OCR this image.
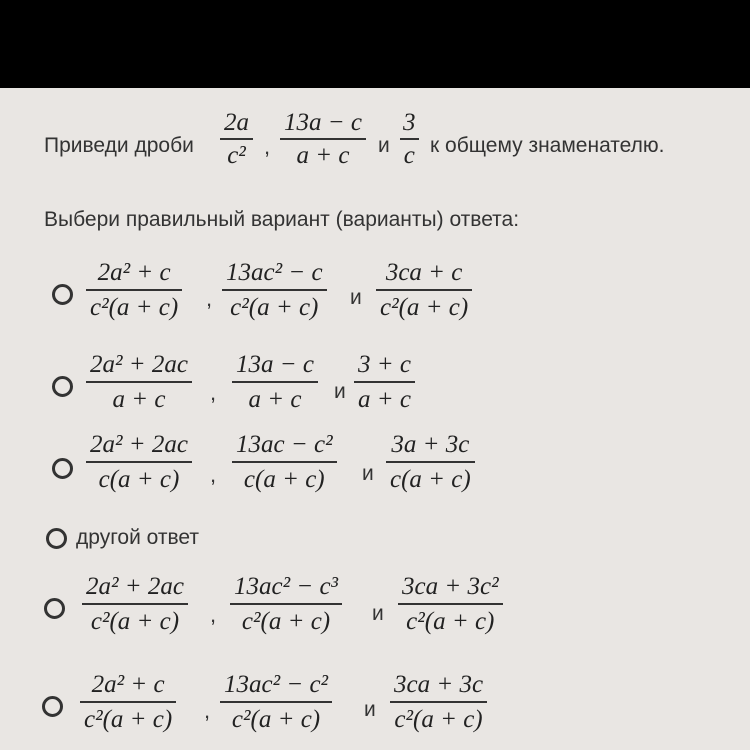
Приведи дроби
2a
c² ,
13a − c
a + c и
3
c к общему знаменателю.
Выбери правильный вариант (варианты) ответа:
2a² + c
c²(a + c) ,
13ac² − c
c²(a + c) и
3ca + c
c²(a + c)
2a² + 2ac
a + c ,
13a − c
a + c и
3 + c
a + c
2a² + 2ac
c(a + c) ,
13ac − c²
c(a + c) и
3a + 3c
c(a + c)
другой ответ
2a² + 2ac
c²(a + c) ,
13ac² − c³
c²(a + c) и
3ca + 3c²
c²(a + c)
2a² + c
c²(a + c) ,
13ac² − c²
c²(a + c) и
3ca + 3c
c²(a + c)
